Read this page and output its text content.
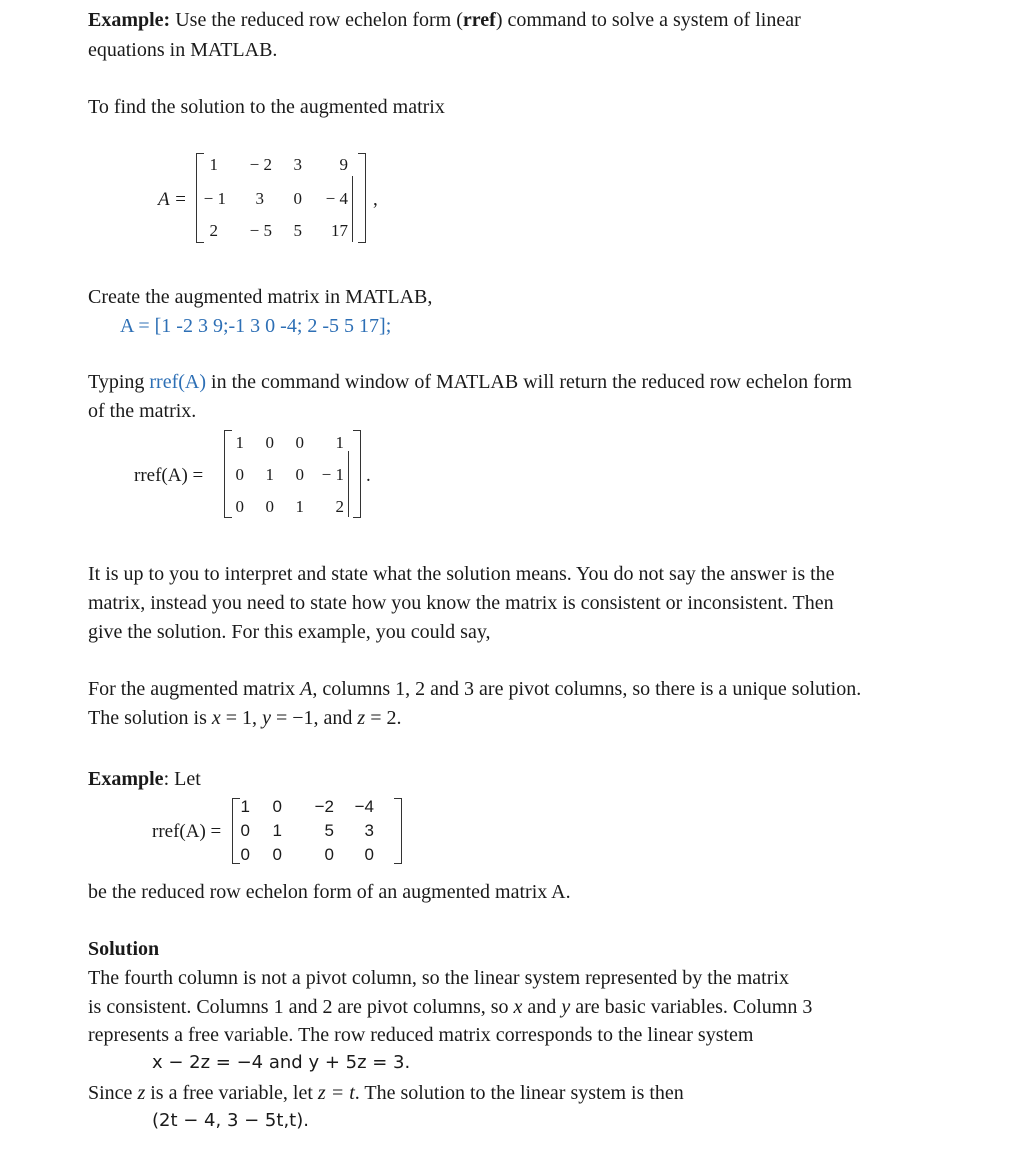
Example: Use the reduced row echelon form (rref) command to solve a system of linear
equations in MATLAB.
To find the solution to the augmented matrix
A =
1	− 2	3	9
− 1	3	0	− 4
2	− 5	5	17
,
Create the augmented matrix in MATLAB,
A = [1 -2 3 9;-1 3 0 -4; 2 -5 5 17];
Typing rref(A) in the command window of MATLAB will return the reduced row echelon form
of the matrix.
rref(A) =
1	0	0	1
0	1	0	− 1
0	0	1	2
.
It is up to you to interpret and state what the solution means. You do not say the answer is the
matrix, instead you need to state how you know the matrix is consistent or inconsistent. Then
give the solution. For this example, you could say,
For the augmented matrix A, columns 1, 2 and 3 are pivot columns, so there is a unique solution.
The solution is x = 1, y = −1, and z = 2.
Example: Let
rref(A) =
1 0	−2	−4
0 1	5	3
0 0	0	0
be the reduced row echelon form of an augmented matrix A.
Solution
The fourth column is not a pivot column, so the linear system represented by the matrix
is consistent. Columns 1 and 2 are pivot columns, so x and y are basic variables. Column 3
represents a free variable. The row reduced matrix corresponds to the linear system
x − 2z = −4 and y + 5z = 3.
Since z is a free variable, let z = t. The solution to the linear system is then
(2t − 4, 3 − 5t,t).
